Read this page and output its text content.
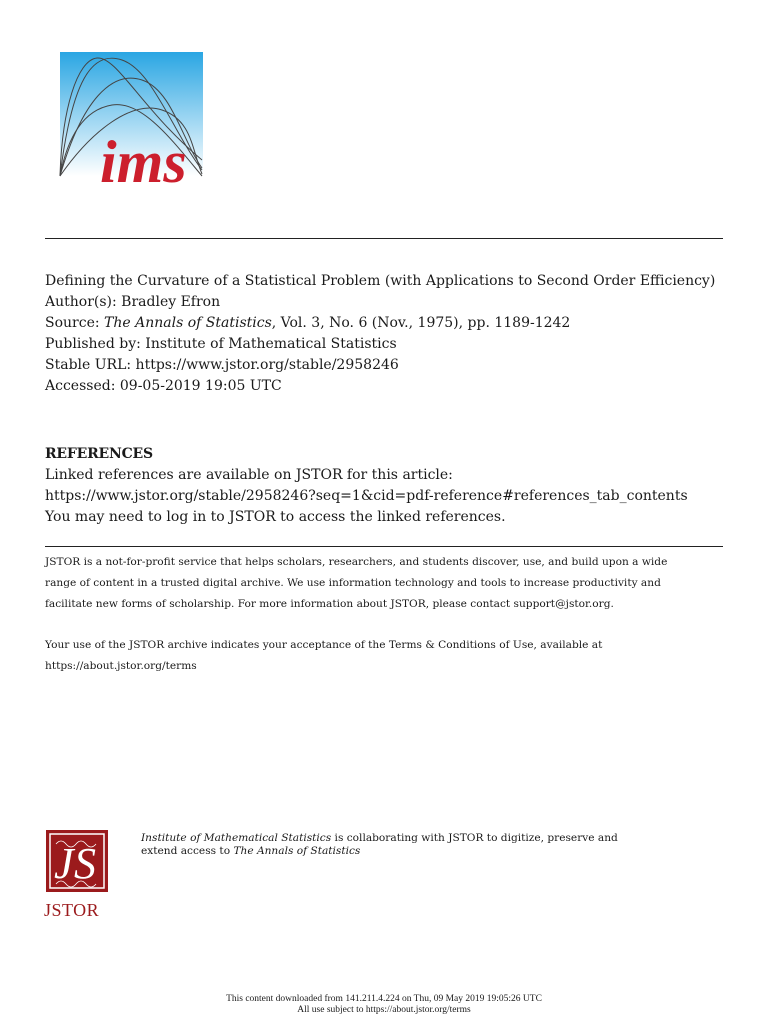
ims
Defining the Curvature of a Statistical Problem (with Applications to Second Order Efficiency)
Author(s): Bradley Efron
Source: The Annals of Statistics, Vol. 3, No. 6 (Nov., 1975), pp. 1189-1242
Published by: Institute of Mathematical Statistics
Stable URL: https://www.jstor.org/stable/2958246
Accessed: 09-05-2019 19:05 UTC
REFERENCES
Linked references are available on JSTOR for this article:
https://www.jstor.org/stable/2958246?seq=1&cid=pdf-reference#references_tab_contents
You may need to log in to JSTOR to access the linked references.

JSTOR is a not-for-profit service that helps scholars, researchers, and students discover, use, and build upon a wide

range of content in a trusted digital archive. We use information technology and tools to increase productivity and

facilitate new forms of scholarship. For more information about JSTOR, please contact support@jstor.org.

Your use of the JSTOR archive indicates your acceptance of the Terms & Conditions of Use, available at

https://about.jstor.org/terms

J S
JSTOR
Institute of Mathematical Statistics is collaborating with JSTOR to digitize, preserve and
extend access to The Annals of Statistics
This content downloaded from 141.211.4.224 on Thu, 09 May 2019 19:05:26 UTC
All use subject to https://about.jstor.org/terms
